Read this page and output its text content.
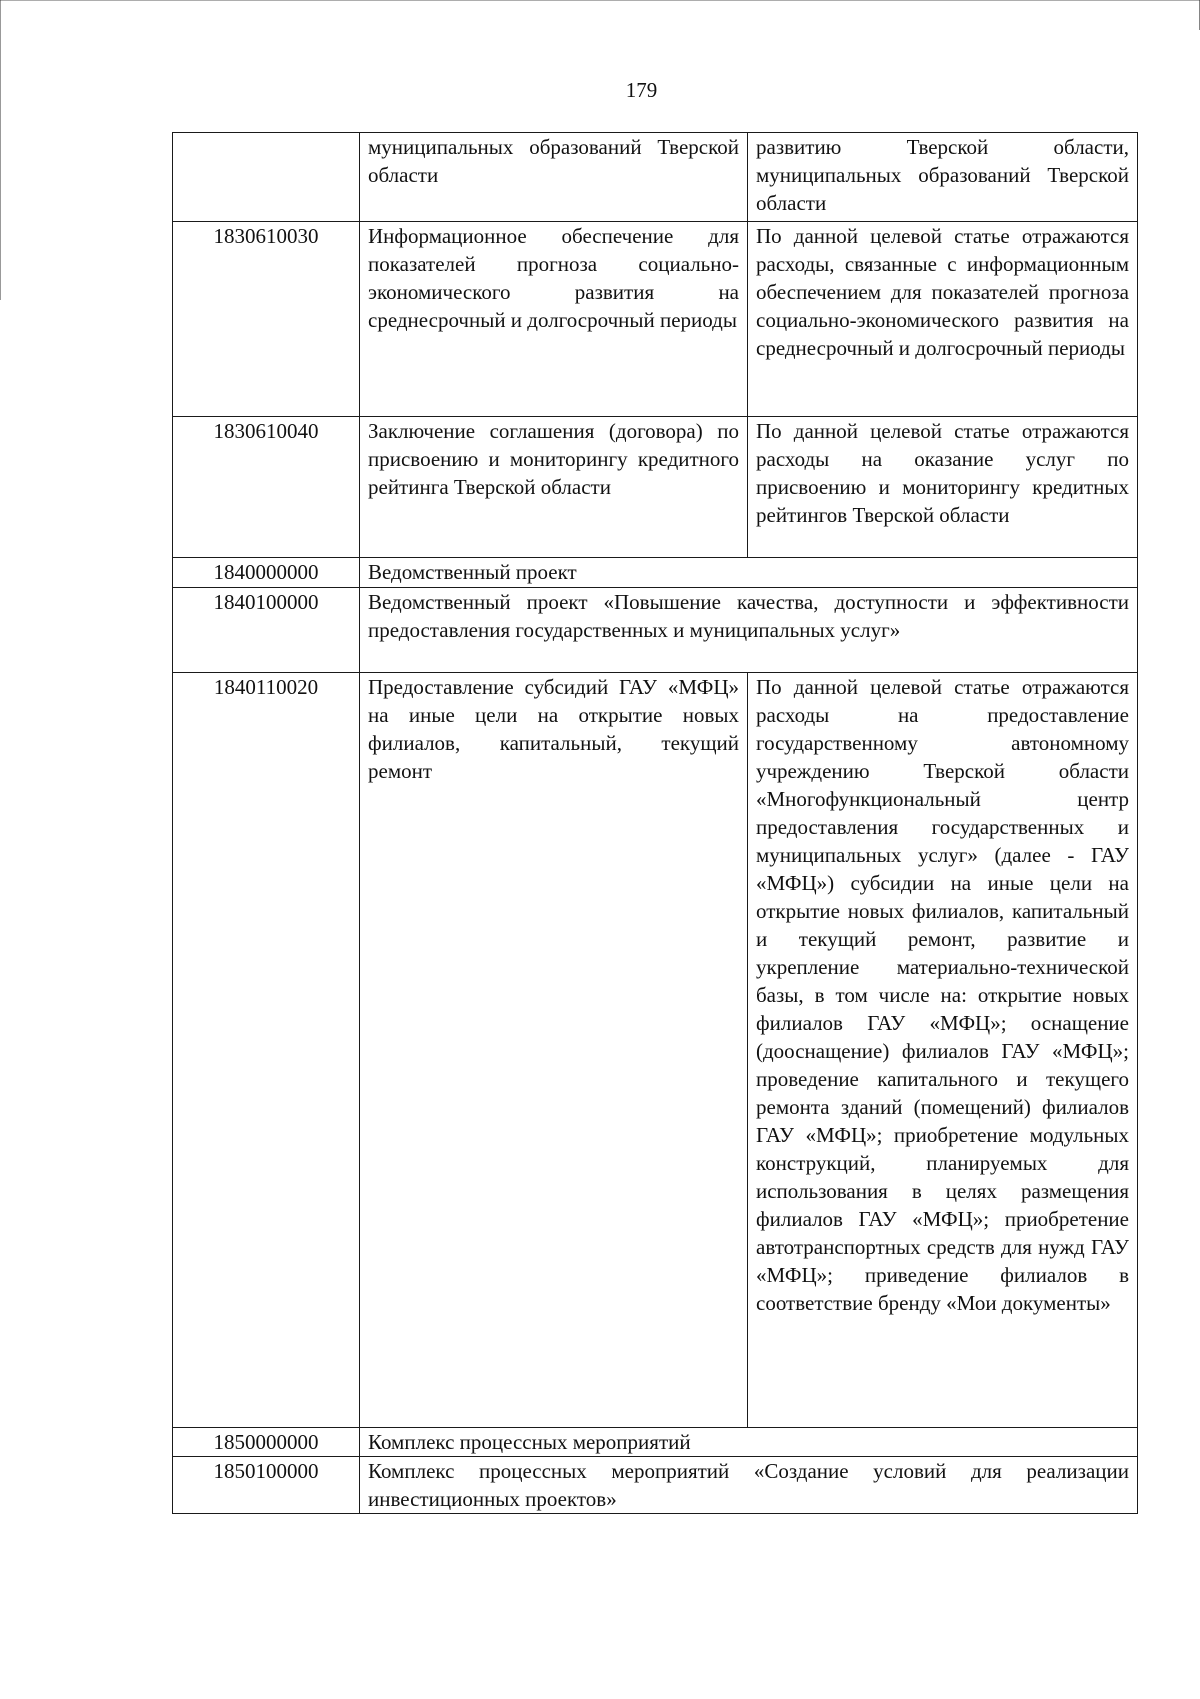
179
	муниципальных образований Тверской области	развитию Тверской области, муниципальных образований Тверской области
1830610030	Информационное обеспечение для показателей прогноза социально-экономического развития на среднесрочный и долгосрочный периоды	По данной целевой статье отражаются расходы, связанные с информационным обеспечением для показателей прогноза социально-экономического развития на среднесрочный и долгосрочный периоды
1830610040	Заключение соглашения (договора) по присвоению и мониторингу кредитного рейтинга Тверской области	По данной целевой статье отражаются расходы на оказание услуг по присвоению и мониторингу кредитных рейтингов Тверской области
1840000000	Ведомственный проект	
1840100000	Ведомственный проект «Повышение качества, доступности и эффективности предоставления государственных и муниципальных услуг»	
1840110020	Предоставление субсидий ГАУ «МФЦ» на иные цели на открытие новых филиалов, капитальный, текущий ремонт	По данной целевой статье отражаются расходы на предоставление государственному автономному учреждению Тверской области «Многофункциональный центр предоставления государственных и муниципальных услуг» (далее - ГАУ «МФЦ») субсидии на иные цели на открытие новых филиалов, капитальный и текущий ремонт, развитие и укрепление материально-технической базы, в том числе на: открытие новых филиалов ГАУ «МФЦ»; оснащение (дооснащение) филиалов ГАУ «МФЦ»; проведение капитального и текущего ремонта зданий (помещений) филиалов ГАУ «МФЦ»; приобретение модульных конструкций, планируемых для использования в целях размещения филиалов ГАУ «МФЦ»; приобретение автотранспортных средств для нужд ГАУ «МФЦ»; приведение филиалов в соответствие бренду «Мои документы»
1850000000	Комплекс процессных мероприятий	
1850100000	Комплекс процессных мероприятий «Создание условий для реализации инвестиционных проектов»	
